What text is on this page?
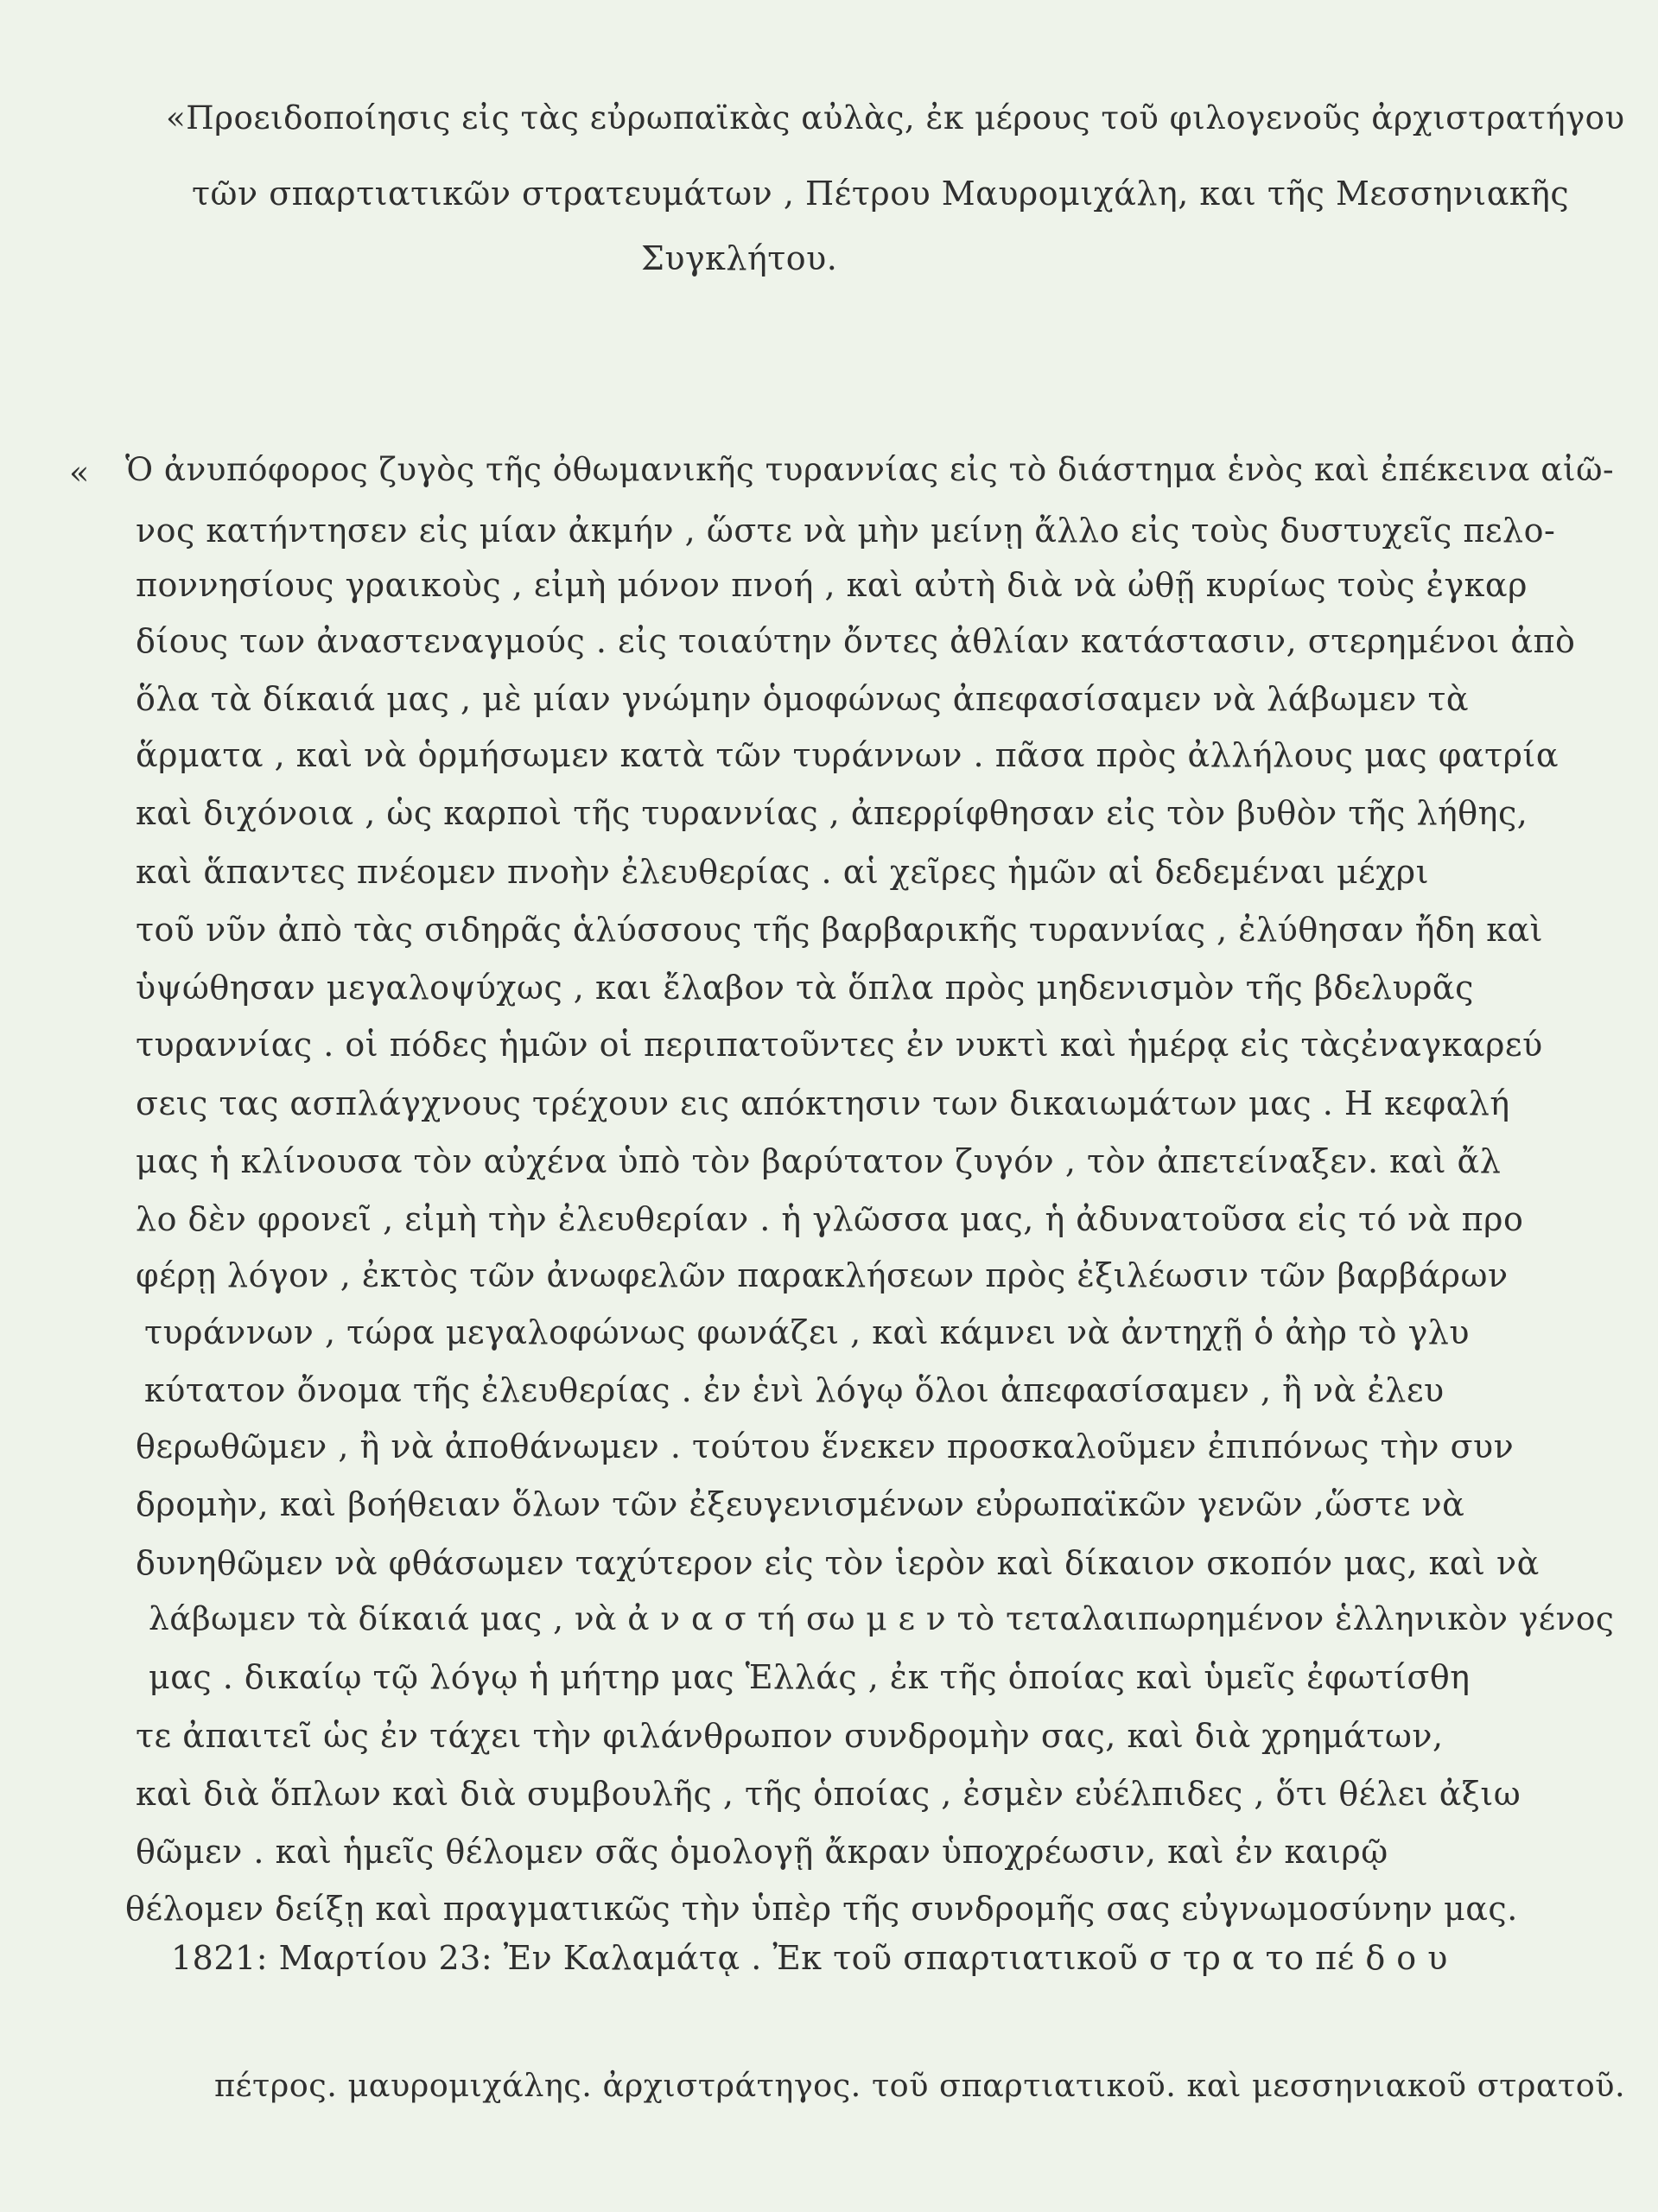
«Προειδοποίησις εἰς τὰς εὐρωπαϊκὰς αὐλὰς, ἐκ μέρους τοῦ φιλογενοῦς ἀρχιστρατήγου
τῶν σπαρτιατικῶν στρατευμάτων , Πέτρου Μαυρομιχάλη, και τῆς Μεσσηνιακῆς
Συγκλήτου.
« Ὁ ἀνυπόφορος ζυγὸς τῆς ὀθωμανικῆς τυραννίας εἰς τὸ διάστημα ἑνὸς καὶ ἐπέκεινα αἰῶ-
νος κατήντησεν εἰς μίαν ἀκμήν , ὥστε νὰ μὴν μείνῃ ἄλλο εἰς τοὺς δυστυχεῖς πελο-
ποννησίους γραικοὺς , εἰμὴ μόνον πνοή , καὶ αὐτὴ διὰ νὰ ὠθῇ κυρίως τοὺς ἐγκαρ
δίους των ἀναστεναγμούς . εἰς τοιαύτην ὄντες ἀθλίαν κατάστασιν, στερημένοι ἀπὸ
ὅλα τὰ δίκαιά μας , μὲ μίαν γνώμην ὁμοφώνως ἀπεφασίσαμεν νὰ λάβωμεν τὰ
ἅρματα , καὶ νὰ ὁρμήσωμεν κατὰ τῶν τυράννων . πᾶσα πρὸς ἀλλήλους μας φατρία
καὶ διχόνοια , ὡς καρποὶ τῆς τυραννίας , ἀπερρίφθησαν εἰς τὸν βυθὸν τῆς λήθης,
καὶ ἅπαντες πνέομεν πνοὴν ἐλευθερίας . αἱ χεῖρες ἡμῶν αἱ δεδεμέναι μέχρι
τοῦ νῦν ἀπὸ τὰς σιδηρᾶς ἁλύσσους τῆς βαρβαρικῆς τυραννίας , ἐλύθησαν ἤδη καὶ
ὑψώθησαν μεγαλοψύχως , και ἔλαβον τὰ ὅπλα πρὸς μηδενισμὸν τῆς βδελυρᾶς
τυραννίας . οἱ πόδες ἡμῶν οἱ περιπατοῦντες ἐν νυκτὶ καὶ ἡμέρᾳ εἰς τὰςἐναγκαρεύ
σεις τας ασπλάγχνους τρέχουν εις απόκτησιν των δικαιωμάτων μας . Η κεφαλή
μας ἡ κλίνουσα τὸν αὐχένα ὑπὸ τὸν βαρύτατον ζυγόν , τὸν ἀπετείναξεν. καὶ ἄλ
λο δὲν φρονεῖ , εἰμὴ τὴν ἐλευθερίαν . ἡ γλῶσσα μας, ἡ ἀδυνατοῦσα εἰς τό νὰ προ
φέρῃ λόγον , ἐκτὸς τῶν ἀνωφελῶν παρακλήσεων πρὸς ἐξιλέωσιν τῶν βαρβάρων
τυράννων , τώρα μεγαλοφώνως φωνάζει , καὶ κάμνει νὰ ἀντηχῇ ὁ ἀὴρ τὸ γλυ
κύτατον ὄνομα τῆς ἐλευθερίας . ἐν ἑνὶ λόγῳ ὅλοι ἀπεφασίσαμεν , ἢ νὰ ἐλευ
θερωθῶμεν , ἢ νὰ ἀποθάνωμεν . τούτου ἕνεκεν προσκαλοῦμεν ἐπιπόνως τὴν συν
δρομὴν, καὶ βοήθειαν ὅλων τῶν ἐξευγενισμένων εὐρωπαϊκῶν γενῶν ,ὥστε νὰ
δυνηθῶμεν νὰ φθάσωμεν ταχύτερον εἰς τὸν ἱερὸν καὶ δίκαιον σκοπόν μας, καὶ νὰ
λάβωμεν τὰ δίκαιά μας , νὰ ἀ ν α σ τή σω μ ε ν τὸ τεταλαιπωρημένον ἑλληνικὸν γένος
μας . δικαίῳ τῷ λόγῳ ἡ μήτηρ μας Ἑλλάς , ἐκ τῆς ὁποίας καὶ ὑμεῖς ἐφωτίσθη
τε ἀπαιτεῖ ὡς ἐν τάχει τὴν φιλάνθρωπον συνδρομὴν σας, καὶ διὰ χρημάτων,
καὶ διὰ ὅπλων καὶ διὰ συμβουλῆς , τῆς ὁποίας , ἐσμὲν εὐέλπιδες , ὅτι θέλει ἀξιω
θῶμεν . καὶ ἡμεῖς θέλομεν σᾶς ὁμολογῇ ἄκραν ὑποχρέωσιν, καὶ ἐν καιρῷ
θέλομεν δείξῃ καὶ πραγματικῶς τὴν ὑπὲρ τῆς συνδρομῆς σας εὐγνωμοσύνην μας.
1821: Μαρτίου 23: Ἐν Καλαμάτᾳ . Ἐκ τοῦ σπαρτιατικοῦ σ τρ α το πέ δ ο υ
πέτρος. μαυρομιχάλης. ἀρχιστράτηγος. τοῦ σπαρτιατικοῦ. καὶ μεσσηνιακοῦ στρατοῦ.
